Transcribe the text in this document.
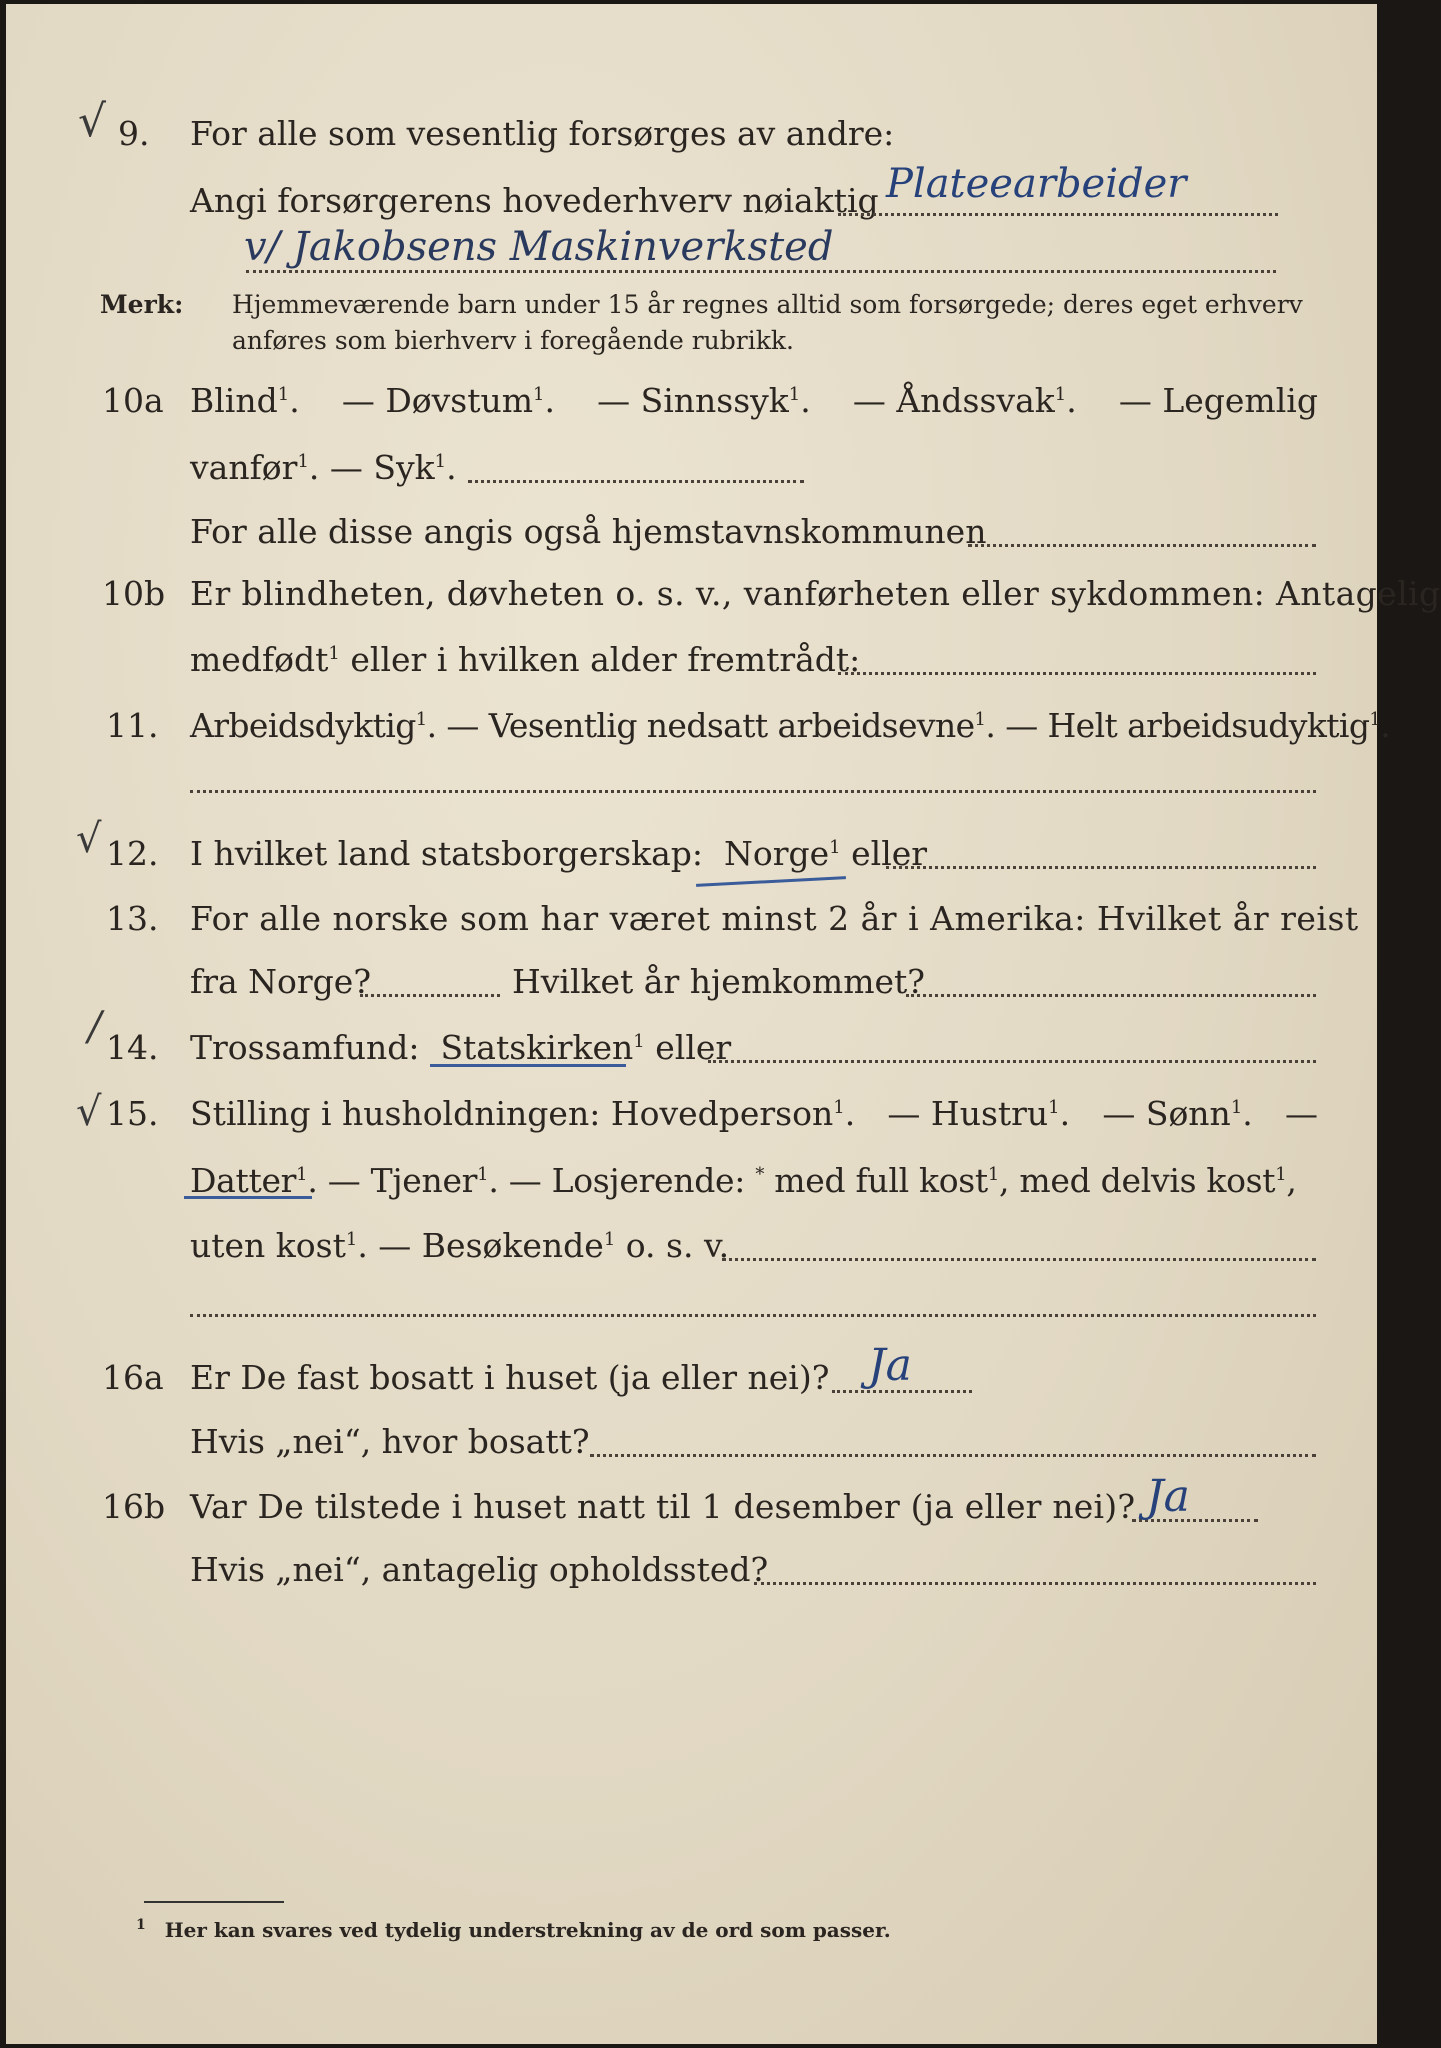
√
√
/
√
9. For alle som vesentlig forsørges av andre:
Angi forsørgerens hovederhverv nøiaktig Plateearbeider
v/ Jakobsens Maskinverksted
Merk: Hjemmeværende barn under 15 år regnes alltid som forsørgede; deres eget erhverv
anføres som bierhverv i foregående rubrikk.
10a Blind$^1$. — Døvstum$^1$. — Sinnssyk$^1$. — Åndssvak$^1$. — Legemlig
vanfør$^1$. — Syk$^1$.
For alle disse angis også hjemstavnskommunen
10b Er blindheten, døvheten o. s. v., vanførheten eller sykdommen: Antagelig
medfødt$^1$ eller i hvilken alder fremtrådt:
11. Arbeidsdyktig$^1$. — Vesentlig nedsatt arbeidsevne$^1$. — Helt arbeidsudyktig$^1$.
12. I hvilket land statsborgerskap: Norge$^1$ eller
13. For alle norske som har været minst 2 år i Amerika: Hvilket år reist
fra Norge?	Hvilket år hjemkommet?
14. Trossamfund: Statskirken$^1$ eller
15. Stilling i husholdningen: Hovedperson$^1$. — Hustru$^1$. — Sønn$^1$. —
Datter$^1$. — Tjener$^1$. — Losjerende: * med full kost$^1$, med delvis kost$^1$,
uten kost$^1$. — Besøkende$^1$ o. s. v.
16a Er De fast bosatt i huset (ja eller nei)? Ja
Hvis „nei“, hvor bosatt?
16b Var De tilstede i huset natt til 1 desember (ja eller nei)? Ja
Hvis „nei“, antagelig opholdssted?
$^1$ Her kan svares ved tydelig understrekning av de ord som passer.
